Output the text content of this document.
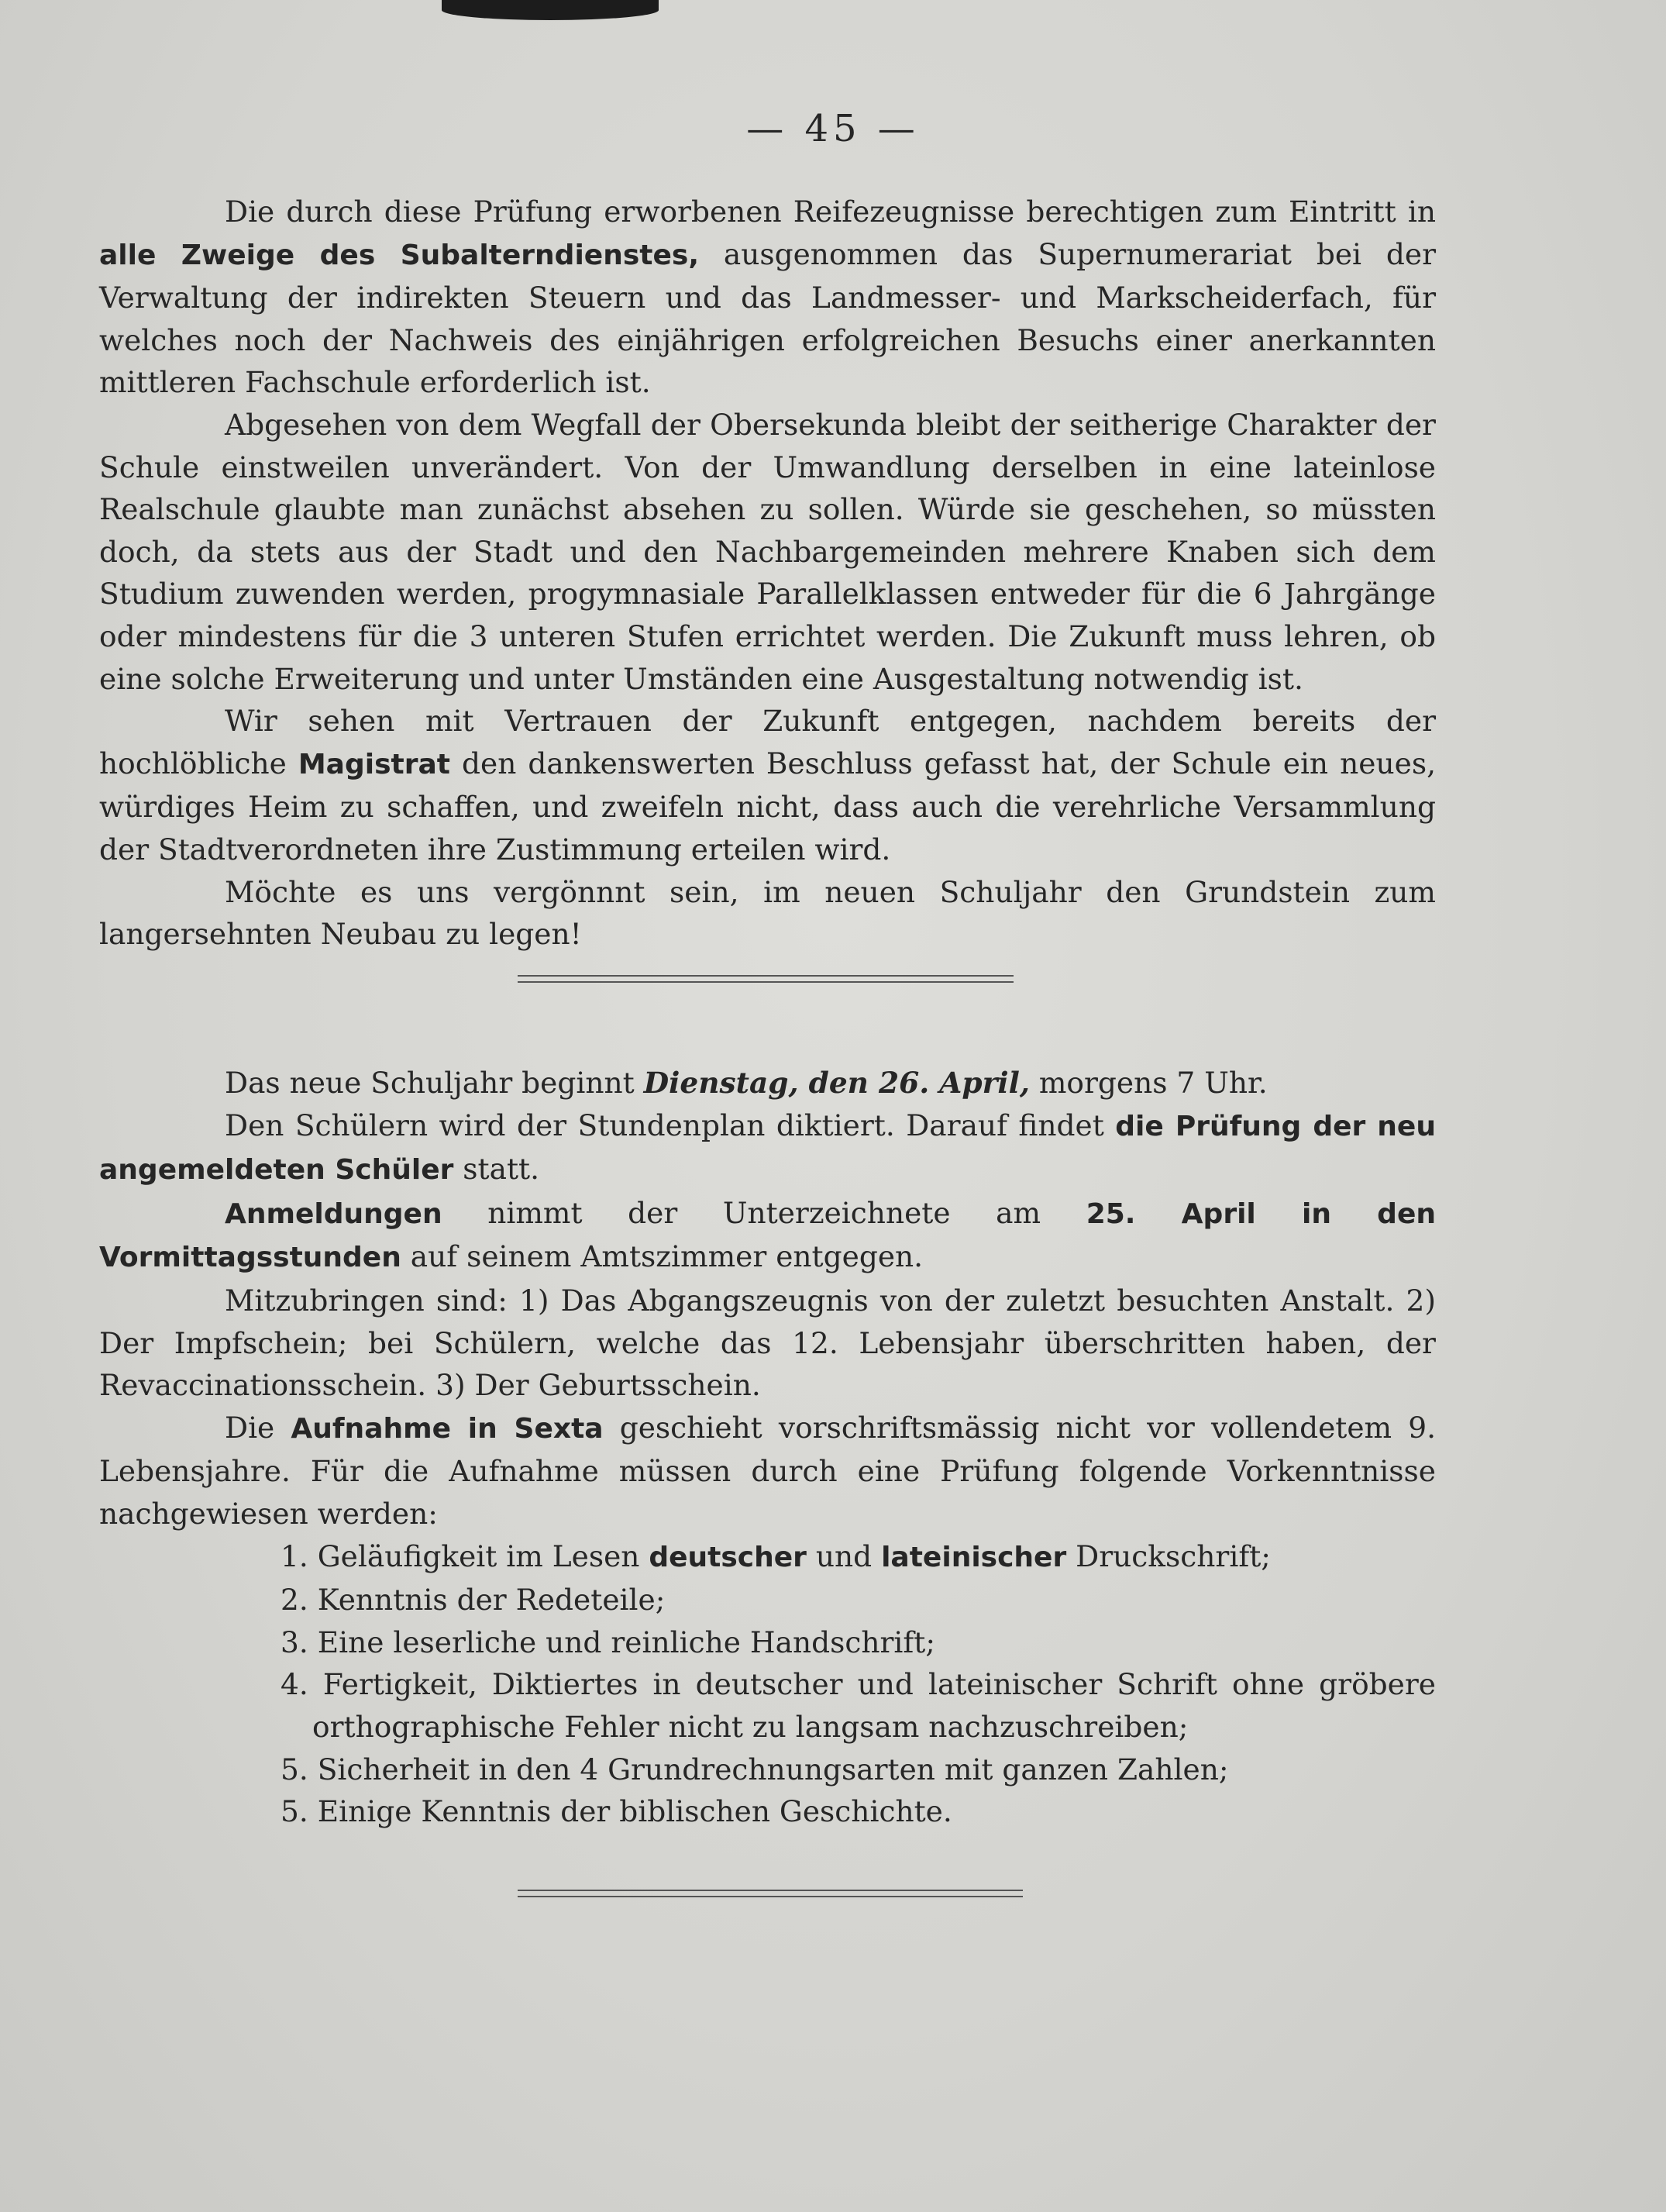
— 45 —

Die durch diese Prüfung erworbenen Reifezeugnisse berechtigen zum Eintritt in alle Zweige des Subalterndienstes, ausgenommen das Supernumerariat bei der Verwaltung der indirekten Steuern und das Landmesser- und Markscheiderfach, für welches noch der Nachweis des einjährigen erfolgreichen Besuchs einer anerkannten mittleren Fachschule erforderlich ist.

Abgesehen von dem Wegfall der Obersekunda bleibt der seitherige Charakter der Schule einstweilen unverändert. Von der Umwandlung derselben in eine lateinlose Realschule glaubte man zunächst absehen zu sollen. Würde sie geschehen, so müssten doch, da stets aus der Stadt und den Nachbargemeinden mehrere Knaben sich dem Studium zuwenden werden, progymnasiale Parallelklassen entweder für die 6 Jahrgänge oder mindestens für die 3 unteren Stufen errichtet werden. Die Zukunft muss lehren, ob eine solche Erweiterung und unter Umständen eine Ausgestaltung notwendig ist.

Wir sehen mit Vertrauen der Zukunft entgegen, nachdem bereits der hochlöbliche Magistrat den dankenswerten Beschluss gefasst hat, der Schule ein neues, würdiges Heim zu schaffen, und zweifeln nicht, dass auch die verehrliche Versammlung der Stadtverordneten ihre Zustimmung erteilen wird.

Möchte es uns vergönnnt sein, im neuen Schuljahr den Grundstein zum langersehnten Neubau zu legen!

Das neue Schuljahr beginnt Dienstag, den 26. April, morgens 7 Uhr.

Den Schülern wird der Stundenplan diktiert. Darauf findet die Prüfung der neu angemeldeten Schüler statt.

Anmeldungen nimmt der Unterzeichnete am 25. April in den Vormittagsstunden auf seinem Amtszimmer entgegen.

Mitzubringen sind: 1) Das Abgangszeugnis von der zuletzt besuchten Anstalt. 2) Der Impfschein; bei Schülern, welche das 12. Lebensjahr überschritten haben, der Revaccinationsschein. 3) Der Geburtsschein.

Die Aufnahme in Sexta geschieht vorschriftsmässig nicht vor vollendetem 9. Lebensjahre. Für die Aufnahme müssen durch eine Prüfung folgende Vorkenntnisse nachgewiesen werden:

1. Geläufigkeit im Lesen deutscher und lateinischer Druckschrift;
2. Kenntnis der Redeteile;
3. Eine leserliche und reinliche Handschrift;
4. Fertigkeit, Diktiertes in deutscher und lateinischer Schrift ohne gröbere orthographische Fehler nicht zu langsam nachzuschreiben;
5. Sicherheit in den 4 Grundrechnungsarten mit ganzen Zahlen;
5. Einige Kenntnis der biblischen Geschichte.
